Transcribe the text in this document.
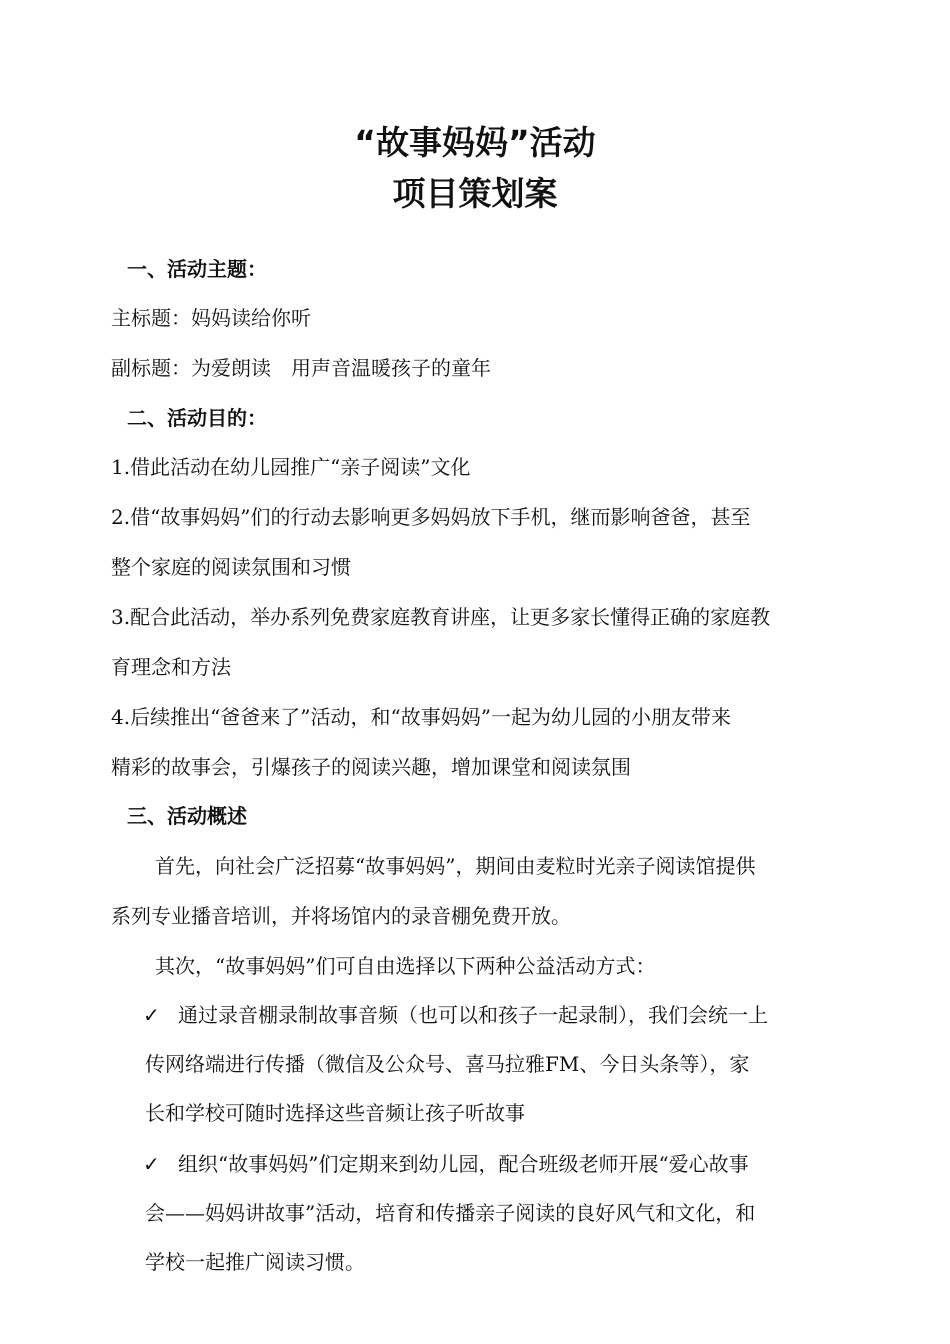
“故事妈妈”活动
项目策划案
一、活动主题：
主标题：妈妈读给你听
副标题：为爱朗读　用声音温暖孩子的童年
二、活动目的：
1.借此活动在幼儿园推广“亲子阅读”文化
2.借“故事妈妈”们的行动去影响更多妈妈放下手机，继而影响爸爸，甚至
整个家庭的阅读氛围和习惯
3.配合此活动，举办系列免费家庭教育讲座，让更多家长懂得正确的家庭教
育理念和方法
4.后续推出“爸爸来了”活动，和“故事妈妈”一起为幼儿园的小朋友带来
精彩的故事会，引爆孩子的阅读兴趣，增加课堂和阅读氛围
三、活动概述
首先，向社会广泛招募“故事妈妈”，期间由麦粒时光亲子阅读馆提供
系列专业播音培训，并将场馆内的录音棚免费开放。
其次，“故事妈妈”们可自由选择以下两种公益活动方式：
✓ 通过录音棚录制故事音频（也可以和孩子一起录制），我们会统一上
传网络端进行传播（微信及公众号、喜马拉雅FM、今日头条等），家
长和学校可随时选择这些音频让孩子听故事
✓ 组织“故事妈妈”们定期来到幼儿园，配合班级老师开展“爱心故事
会——妈妈讲故事”活动，培育和传播亲子阅读的良好风气和文化，和
学校一起推广阅读习惯。
